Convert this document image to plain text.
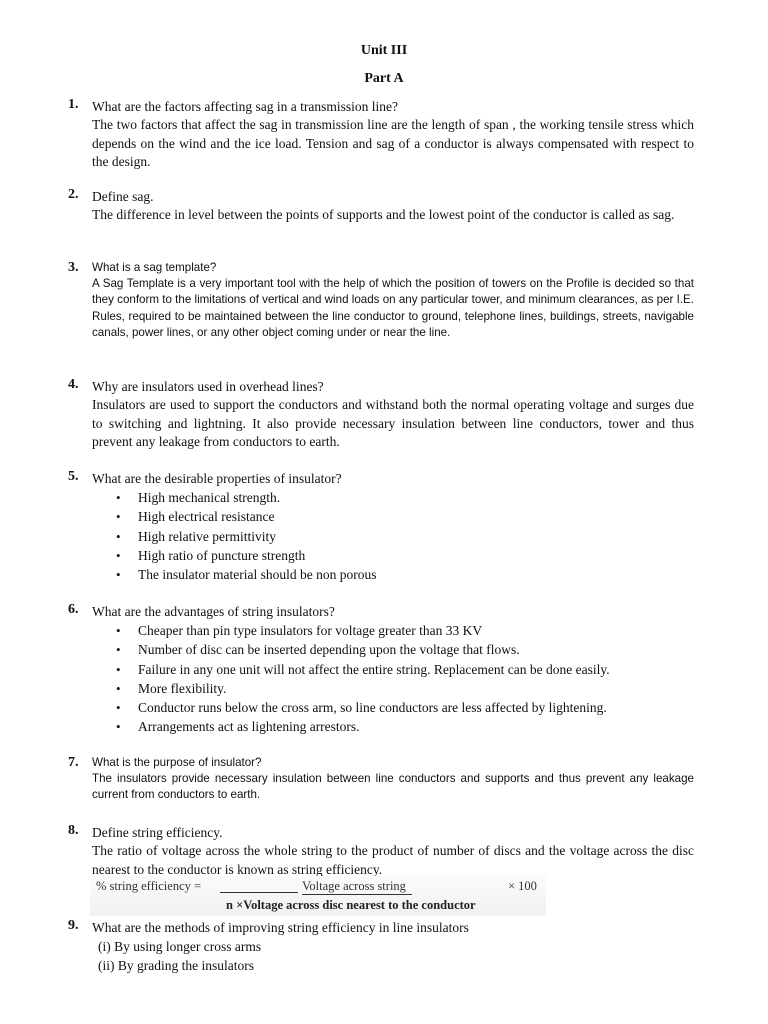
Unit III
Part A
1. What are the factors affecting sag in a transmission line?
The two factors that affect the sag in transmission line are the length of span , the working tensile stress which depends on the wind and the ice load. Tension and sag of a conductor is always compensated with respect to the design.
2. Define sag.
The difference in level between the points of supports and the lowest point of the conductor is called as sag.
3. What is a sag template?
A Sag Template is a very important tool with the help of which the position of towers on the Profile is decided so that they conform to the limitations of vertical and wind loads on any particular tower, and minimum clearances, as per I.E. Rules, required to be maintained between the line conductor to ground, telephone lines, buildings, streets, navigable canals, power lines, or any other object coming under or near the line.
4. Why are insulators used in overhead lines?
Insulators are used to support the conductors and withstand both the normal operating voltage and surges due to switching and lightning. It also provide necessary insulation between line conductors, tower and thus prevent any leakage from conductors to earth.
5. What are the desirable properties of insulator?
• High mechanical strength.
• High electrical resistance
• High relative permittivity
• High ratio of puncture strength
• The insulator material should be non porous
6. What are the advantages of string insulators?
• Cheaper than pin type insulators for voltage greater than 33 KV
• Number of disc can be inserted depending upon the voltage that flows.
• Failure in any one unit will not affect the entire string. Replacement can be done easily.
• More flexibility.
• Conductor runs below the cross arm, so line conductors are less affected by lightening.
• Arrangements act as lightening arrestors.
7. What is the purpose of insulator?
The insulators provide necessary insulation between line conductors and supports and thus prevent any leakage current from conductors to earth.
8. Define string efficiency.
The ratio of voltage across the whole string to the product of number of discs and the voltage across the disc nearest to the conductor is known as string efficiency.
% string efficiency =	Voltage across string	× 100
n ×Voltage across disc nearest to the conductor
9. What are the methods of improving string efficiency in line insulators
(i) By using longer cross arms
(ii) By grading the insulators
